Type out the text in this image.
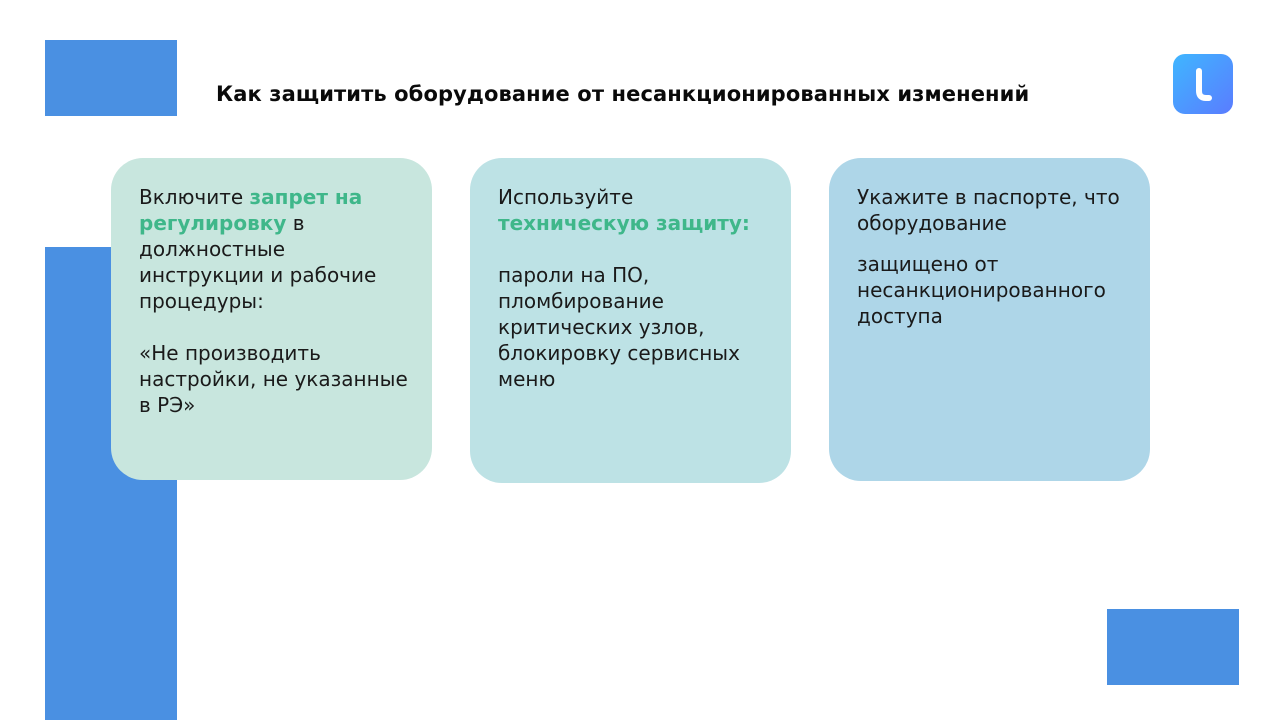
Как защитить оборудование от несанкционированных изменений

Включите запрет на регулировку в должностные инструкции и рабочие процедуры:

«Не производить настройки, не указанные в РЭ»

Используйте техническую защиту:

пароли на ПО, пломбирование критических узлов, блокировку сервисных меню

Укажите в паспорте, что оборудование

защищено от несанкционированного доступа
